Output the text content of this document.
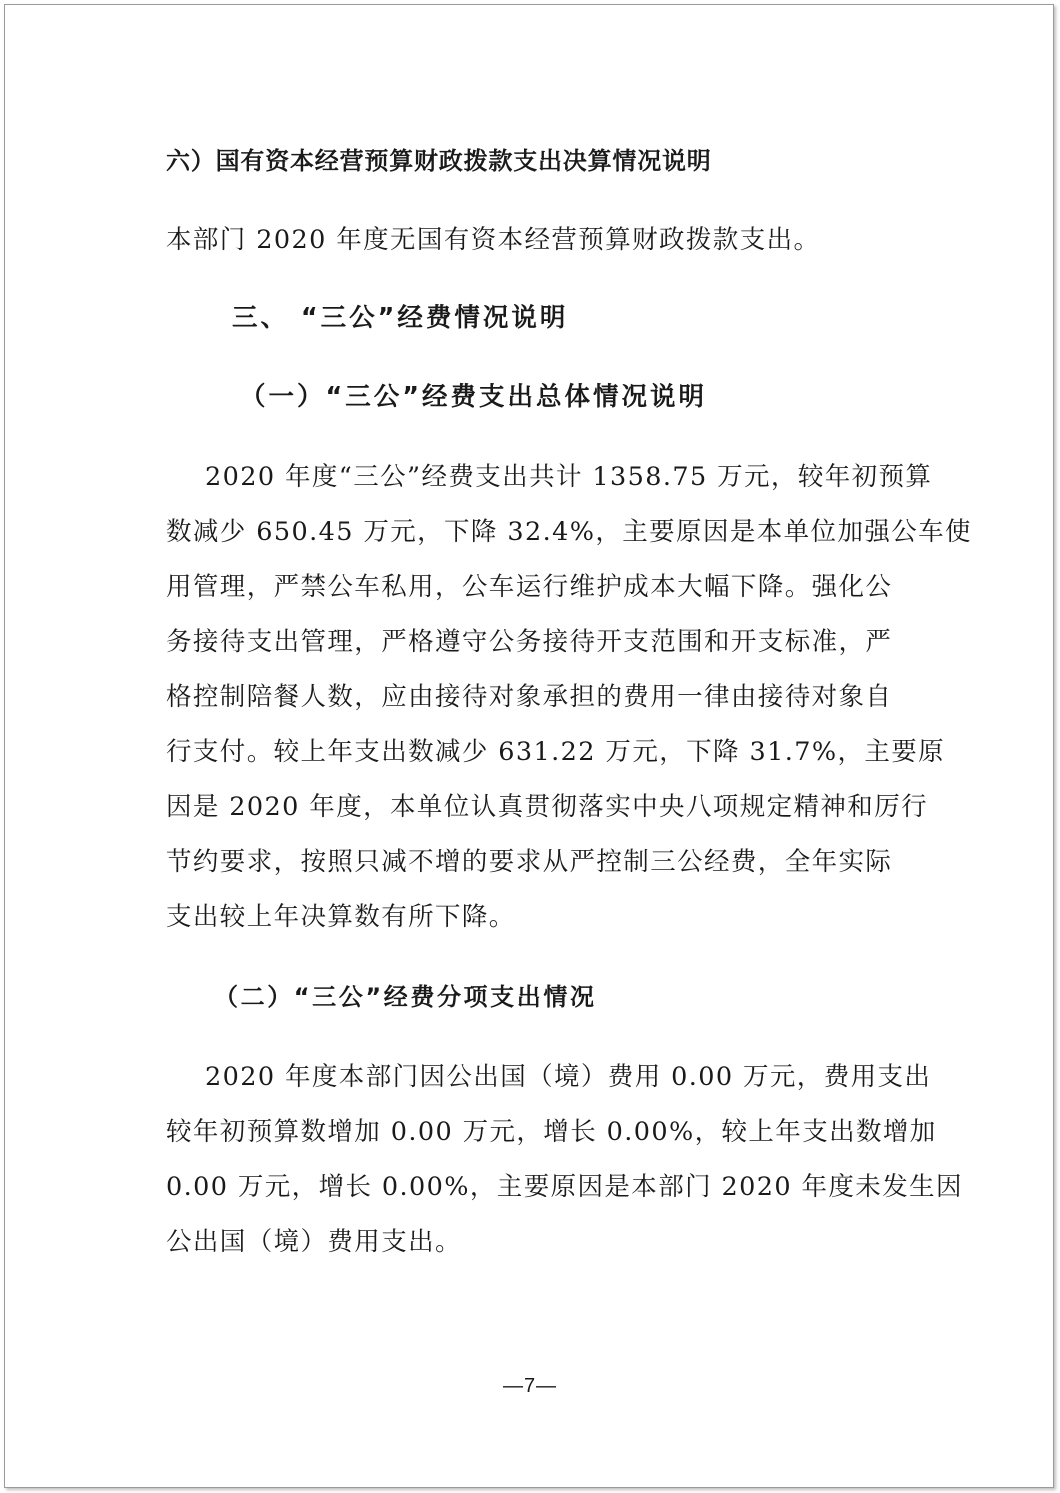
六）国有资本经营预算财政拨款支出决算情况说明
本部门 2020 年度无国有资本经营预算财政拨款支出。
三、 “三公”经费情况说明
（一）“三公”经费支出总体情况说明
2020 年度“三公”经费支出共计 1358.75 万元，较年初预算
数减少 650.45 万元，下降 32.4%，主要原因是本单位加强公车使
用管理，严禁公车私用，公车运行维护成本大幅下降。强化公
务接待支出管理，严格遵守公务接待开支范围和开支标准，严
格控制陪餐人数，应由接待对象承担的费用一律由接待对象自
行支付。较上年支出数减少 631.22 万元，下降 31.7%，主要原
因是 2020 年度，本单位认真贯彻落实中央八项规定精神和厉行
节约要求，按照只减不增的要求从严控制三公经费，全年实际
支出较上年决算数有所下降。
（二）“三公”经费分项支出情况
2020 年度本部门因公出国（境）费用 0.00 万元，费用支出
较年初预算数增加 0.00 万元，增长 0.00%，较上年支出数增加
0.00 万元，增长 0.00%，主要原因是本部门 2020 年度未发生因
公出国（境）费用支出。
—7—
